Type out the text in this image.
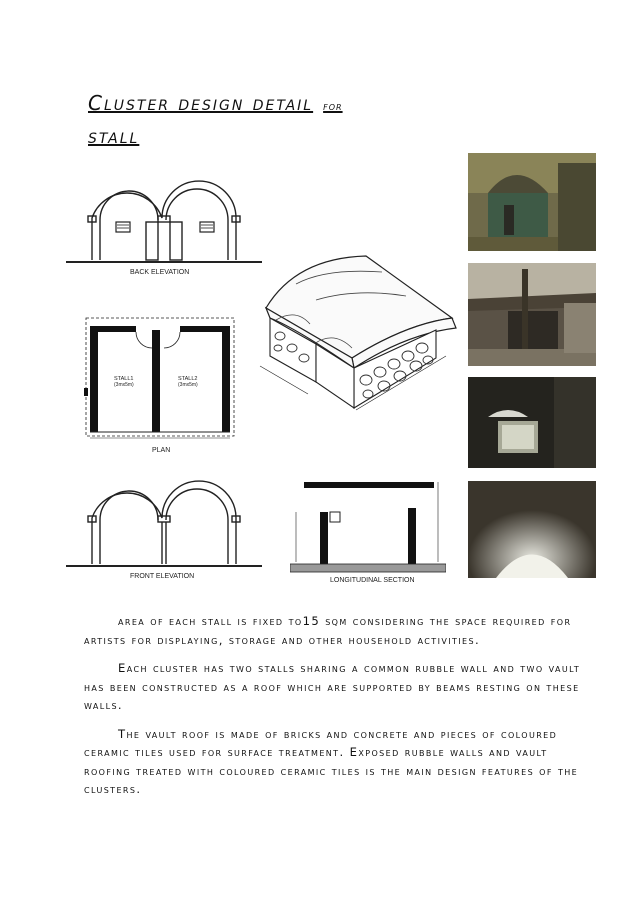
Cluster design detail for
stall
BACK ELEVATION
STALL1
(3mx5m)
STALL2
(3mx5m)
PLAN
FRONT ELEVATION
LONGITUDINAL SECTION

area of each stall is fixed to15 sqm considering the space required for artists for displaying, storage and other household activities.

Each cluster has two stalls sharing a common rubble wall and two vault has been constructed as a roof which are supported by beams resting on these walls.

The vault roof is made of bricks and concrete and pieces of coloured ceramic tiles used for surface treatment. Exposed rubble walls and vault roofing treated with coloured ceramic tiles is the main design features of the clusters.
